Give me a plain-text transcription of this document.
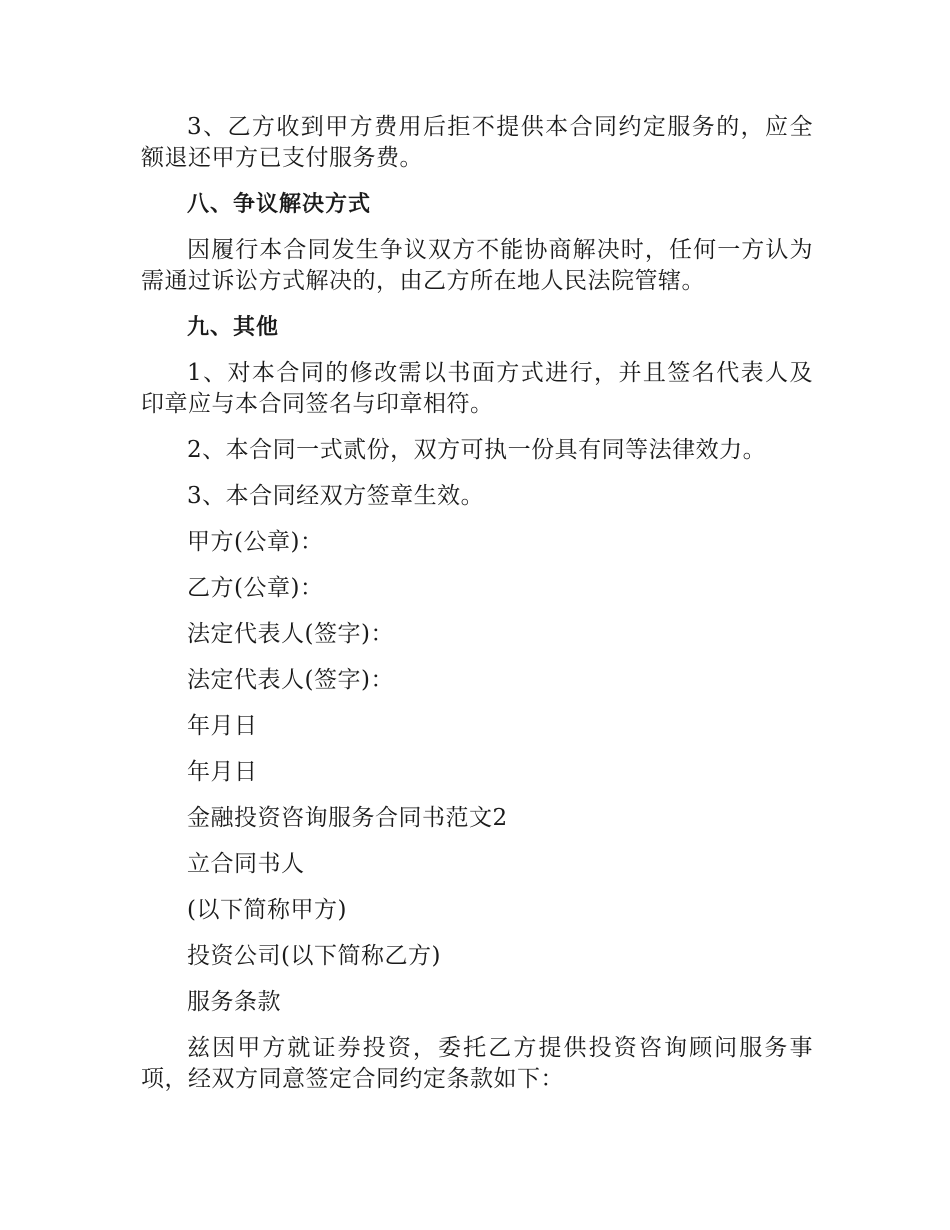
3、乙方收到甲方费用后拒不提供本合同约定服务的，应全额退还甲方已支付服务费。

八、争议解决方式

因履行本合同发生争议双方不能协商解决时，任何一方认为需通过诉讼方式解决的，由乙方所在地人民法院管辖。

九、其他

1、对本合同的修改需以书面方式进行，并且签名代表人及印章应与本合同签名与印章相符。

2、本合同一式贰份，双方可执一份具有同等法律效力。

3、本合同经双方签章生效。

甲方(公章)：

乙方(公章)：

法定代表人(签字)：

法定代表人(签字)：

年月日

年月日

金融投资咨询服务合同书范文2

立合同书人

(以下简称甲方)

投资公司(以下简称乙方)

服务条款

兹因甲方就证券投资，委托乙方提供投资咨询顾问服务事项，经双方同意签定合同约定条款如下：
